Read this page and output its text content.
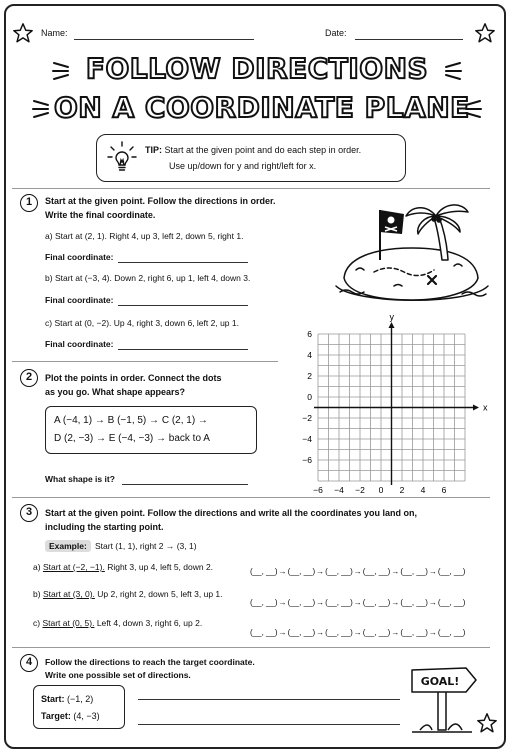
Name:	Date:
FOLLOW DIRECTIONS
ON A COORDINATE PLANE
TIP: Start at the given point and do each step in order.
Use up/down for y and right/left for x.
1	Start at the given point. Follow the directions in order.
Write the final coordinate.
a) Start at (2, 1). Right 4, up 3, left 2, down 5, right 1.
Final coordinate:
b) Start at (−3, 4). Down 2, right 6, up 1, left 4, down 3.
Final coordinate:
c) Start at (0, −2). Up 4, right 3, down 6, left 2, up 1.
Final coordinate:
2	Plot the points in order. Connect the dots
as you go. What shape appears?
A (−4, 1) → B (−1, 5) → C (2, 1) →
D (2, −3) → E (−4, −3) → back to A
What shape is it?
x
y
−6 −4 −2 0 2 4 6
6
4
2
0
−2
−4
−6
3	Start at the given point. Follow the directions and write all the coordinates you land on,
including the starting point.
Example: Start (1, 1), right 2 → (3, 1)
a) Start at (−2, −1). Right 3, up 4, left 5, down 2.	(__, __)→(__, __)→(__, __)→(__, __)→(__, __)→(__, __)
b) Start at (3, 0). Up 2, right 2, down 5, left 3, up 1.
(__, __)→(__, __)→(__, __)→(__, __)→(__, __)→(__, __)
c) Start at (0, 5). Left 4, down 3, right 6, up 2.
(__, __)→(__, __)→(__, __)→(__, __)→(__, __)→(__, __)
4	Follow the directions to reach the target coordinate.
Write one possible set of directions.
Start: (−1, 2)
Target: (4, −3)
GOAL!
